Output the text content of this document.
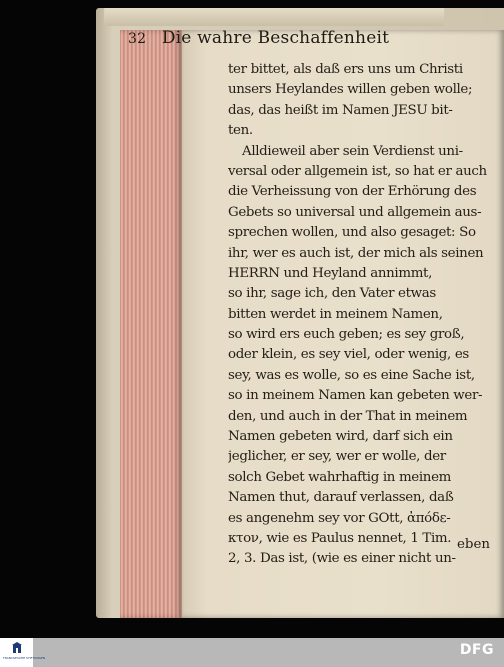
32 Die wahre Beschaffenheit
ter bittet, als daß ers uns um Christi
unsers Heylandes willen geben wolle;
das, das heißt im Namen JESU bit-
ten.
Alldieweil aber sein Verdienst uni-
versal oder allgemein ist, so hat er auch
die Verheissung von der Erhörung des
Gebets so universal und allgemein aus-
sprechen wollen, und also gesaget: So
ihr, wer es auch ist, der mich als seinen
HERRN und Heyland annimmt,
so ihr, sage ich, den Vater etwas
bitten werdet in meinem Namen,
so wird ers euch geben; es sey groß,
oder klein, es sey viel, oder wenig, es
sey, was es wolle, so es eine Sache ist,
so in meinem Namen kan gebeten wer-
den, und auch in der That in meinem
Namen gebeten wird, darf sich ein
jeglicher, er sey, wer er wolle, der
solch Gebet wahrhaftig in meinem
Namen thut, darauf verlassen, daß
es angenehm sey vor GOtt, ἀπόδε-
κτον, wie es Paulus nennet, 1 Tim.
2, 3. Das ist, (wie es einer nicht un-
eben
FRANCKESCHE STIFTUNGEN	DFG
